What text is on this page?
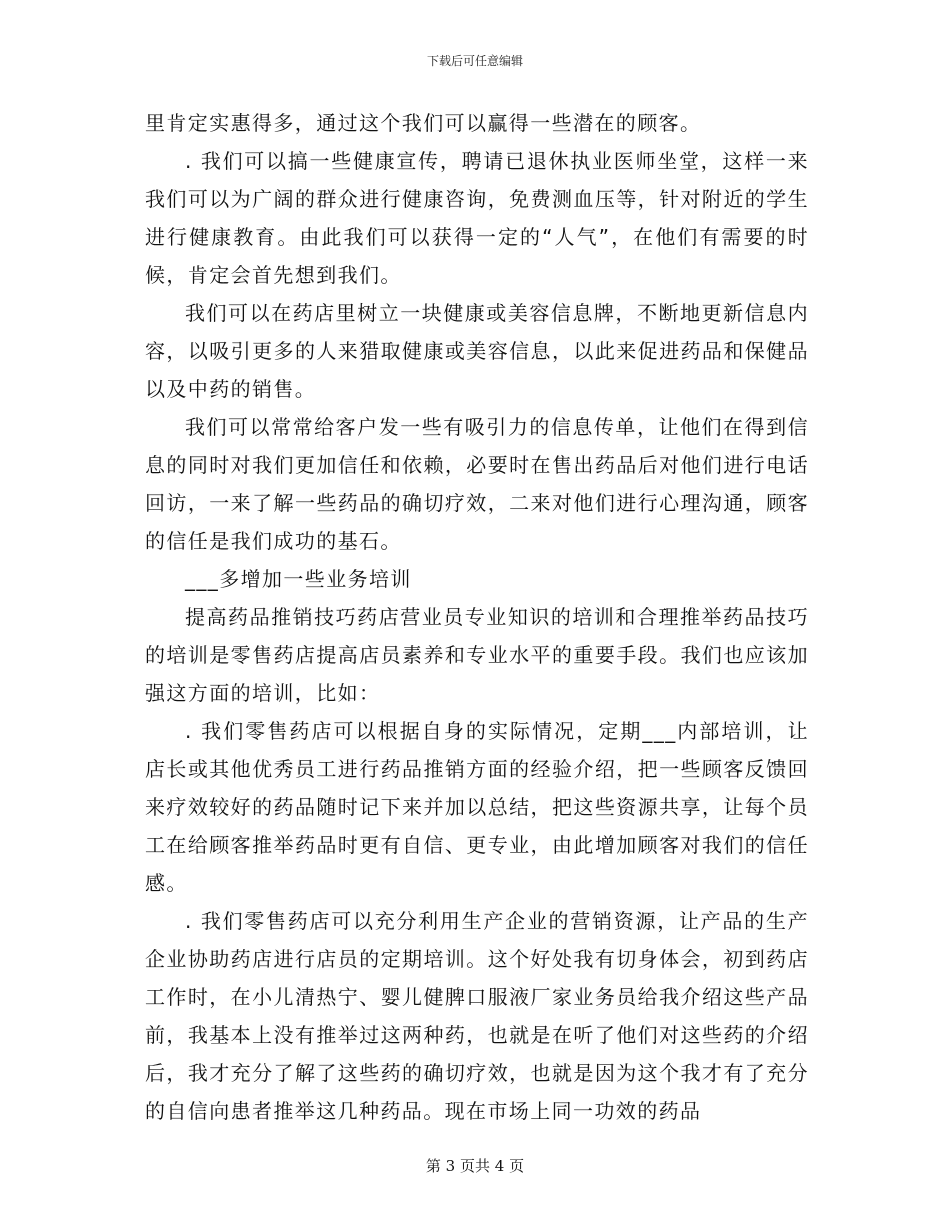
下载后可任意编辑

里肯定实惠得多，通过这个我们可以赢得一些潜在的顾客。

. 我们可以搞一些健康宣传，聘请已退休执业医师坐堂，这样一来我们可以为广阔的群众进行健康咨询，免费测血压等，针对附近的学生进行健康教育。由此我们可以获得一定的“人气”，在他们有需要的时候，肯定会首先想到我们。

我们可以在药店里树立一块健康或美容信息牌，不断地更新信息内容，以吸引更多的人来猎取健康或美容信息，以此来促进药品和保健品以及中药的销售。

我们可以常常给客户发一些有吸引力的信息传单，让他们在得到信息的同时对我们更加信任和依赖，必要时在售出药品后对他们进行电话回访，一来了解一些药品的确切疗效，二来对他们进行心理沟通，顾客的信任是我们成功的基石。

___多增加一些业务培训

提高药品推销技巧药店营业员专业知识的培训和合理推举药品技巧的培训是零售药店提高店员素养和专业水平的重要手段。我们也应该加强这方面的培训，比如：

. 我们零售药店可以根据自身的实际情况，定期___内部培训，让店长或其他优秀员工进行药品推销方面的经验介绍，把一些顾客反馈回来疗效较好的药品随时记下来并加以总结，把这些资源共享，让每个员工在给顾客推举药品时更有自信、更专业，由此增加顾客对我们的信任感。

. 我们零售药店可以充分利用生产企业的营销资源，让产品的生产企业协助药店进行店员的定期培训。这个好处我有切身体会，初到药店工作时，在小儿清热宁、婴儿健脾口服液厂家业务员给我介绍这些产品前，我基本上没有推举过这两种药，也就是在听了他们对这些药的介绍后，我才充分了解了这些药的确切疗效，也就是因为这个我才有了充分的自信向患者推举这几种药品。现在市场上同一功效的药品

第 3 页共 4 页
